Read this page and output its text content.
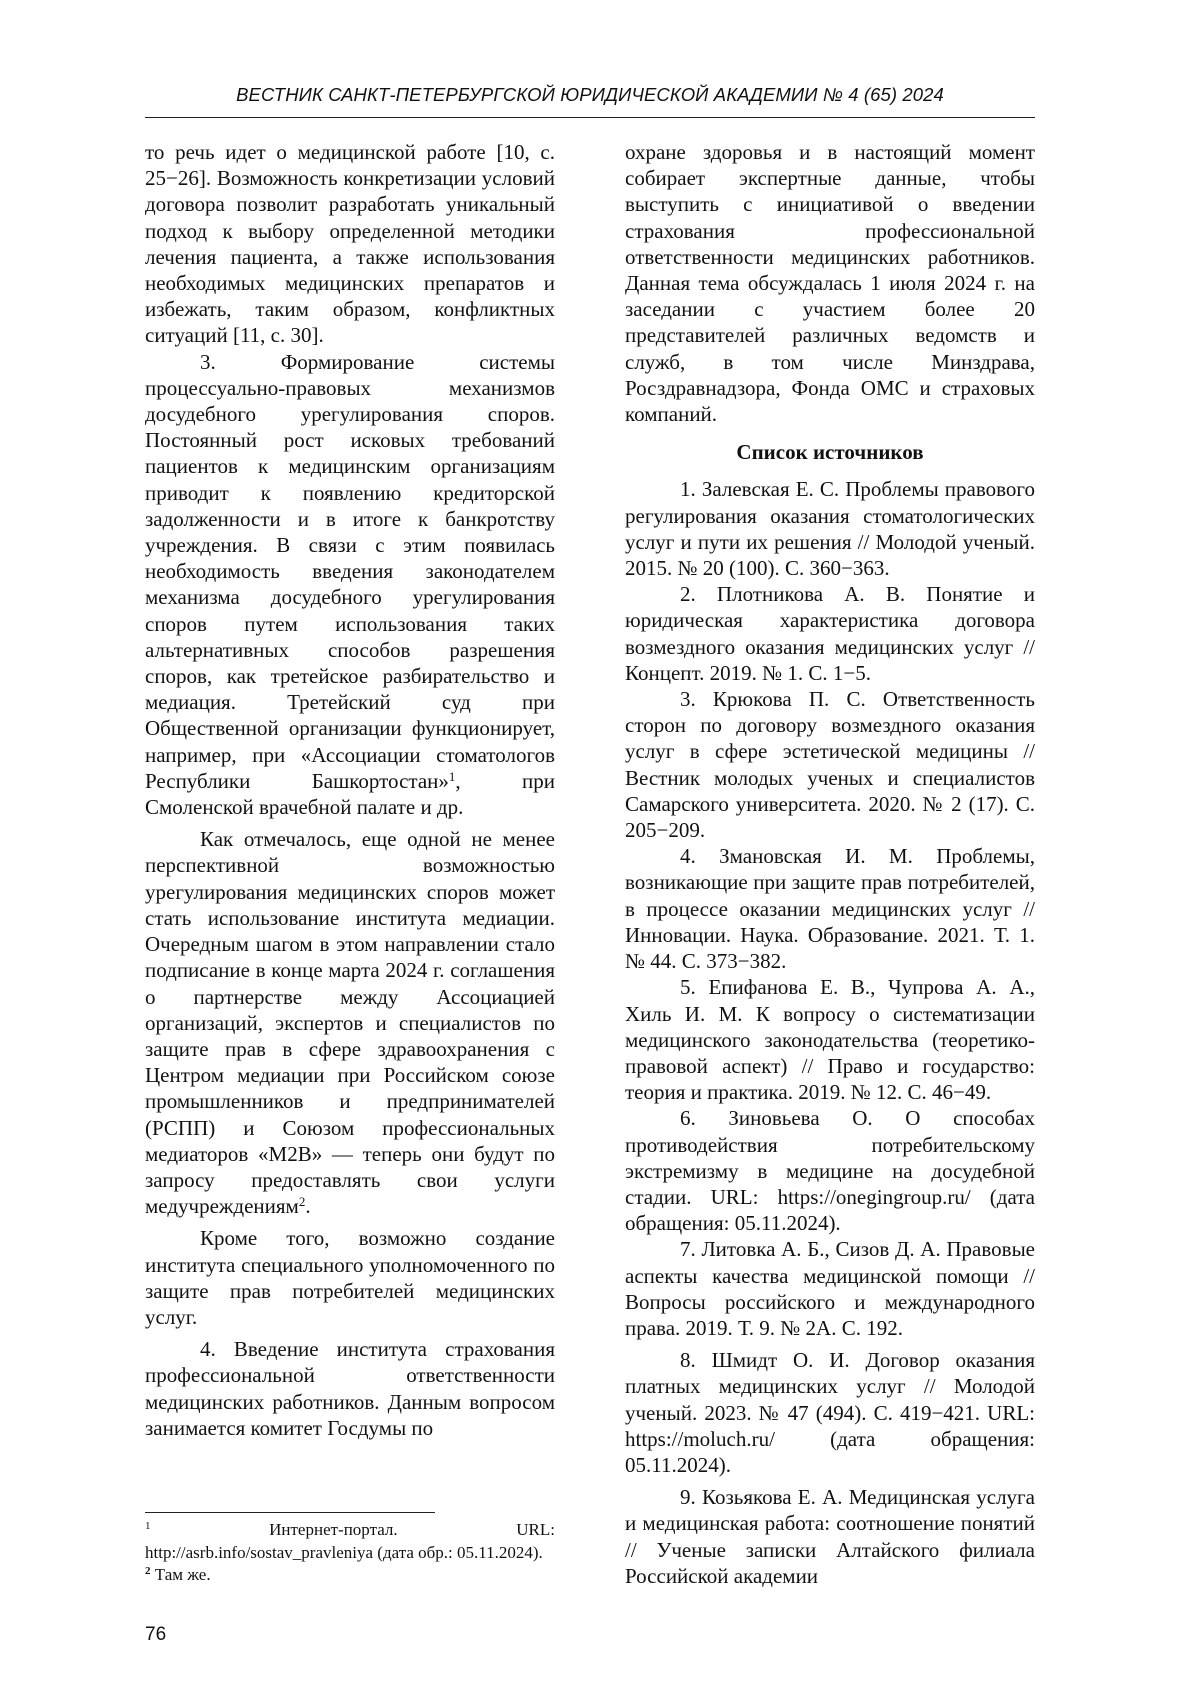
ВЕСТНИК САНКТ-ПЕТЕРБУРГСКОЙ ЮРИДИЧЕСКОЙ АКАДЕМИИ № 4 (65) 2024

то речь идет о медицинской работе [10, с. 25−26]. Возможность конкретизации условий договора позволит разработать уникальный подход к выбору определенной методики лечения пациента, а также использования необходимых медицинских препаратов и избежать, таким образом, конфликтных ситуаций [11, с. 30].

3. Формирование системы процессуально-правовых механизмов досудебного урегулирования споров. Постоянный рост исковых требований пациентов к медицинским организациям приводит к появлению кредиторской задолженности и в итоге к банкротству учреждения. В связи с этим появилась необходимость введения законодателем механизма досудебного урегулирования споров путем использования таких альтернативных способов разрешения споров, как третейское разбирательство и медиация. Третейский суд при Общественной организации функционирует, например, при «Ассоциации стоматологов Республики Башкортостан»$^1$, при Смоленской врачебной палате и др.

Как отмечалось, еще одной не менее перспективной возможностью урегулирования медицинских споров может стать использование института медиации. Очередным шагом в этом направлении стало подписание в конце марта 2024 г. соглашения о партнерстве между Ассоциацией организаций, экспертов и специалистов по защите прав в сфере здравоохранения с Центром медиации при Российском союзе промышленников и предпринимателей (РСПП) и Союзом профессиональных медиаторов «М2В» — теперь они будут по запросу предоставлять свои услуги медучреждениям$^2$.

Кроме того, возможно создание института специального уполномоченного по защите прав потребителей медицинских услуг.

4. Введение института страхования профессиональной ответственности медицинских работников. Данным вопросом занимается комитет Госдумы по

охране здоровья и в настоящий момент собирает экспертные данные, чтобы выступить с инициативой о введении страхования профессиональной ответственности медицинских работников. Данная тема обсуждалась 1 июля 2024 г. на заседании с участием более 20 представителей различных ведомств и служб, в том числе Минздрава, Росздравнадзора, Фонда ОМС и страховых компаний.

Список источников

1. Залевская Е. С. Проблемы правового регулирования оказания стоматологических услуг и пути их решения // Молодой ученый. 2015. № 20 (100). С. 360−363.

2. Плотникова А. В. Понятие и юридическая характеристика договора возмездного оказания медицинских услуг // Концепт. 2019. № 1. С. 1−5.

3. Крюкова П. С. Ответственность сторон по договору возмездного оказания услуг в сфере эстетической медицины // Вестник молодых ученых и специалистов Самарского университета. 2020. № 2 (17). С. 205−209.

4. Змановская И. М. Проблемы, возникающие при защите прав потребителей, в процессе оказании медицинских услуг // Инновации. Наука. Образование. 2021. Т. 1. № 44. С. 373−382.

5. Епифанова Е. В., Чупрова А. А., Хиль И. М. К вопросу о систематизации медицинского законодательства (теоретико-правовой аспект) // Право и государство: теория и практика. 2019. № 12. С. 46−49.

6. Зиновьева О. О способах противодействия потребительскому экстремизму в медицине на досудебной стадии. URL: https://onegingroup.ru/ (дата обращения: 05.11.2024).

7. Литовка А. Б., Сизов Д. А. Правовые аспекты качества медицинской помощи // Вопросы российского и международного права. 2019. Т. 9. № 2А. С. 192.

8. Шмидт О. И. Договор оказания платных медицинских услуг // Молодой ученый. 2023. № 47 (494). С. 419−421. URL: https://moluch.ru/ (дата обращения: 05.11.2024).

9. Козьякова Е. А. Медицинская услуга и медицинская работа: соотношение понятий // Ученые записки Алтайского филиала Российской академии

$^1$	Интернет-портал. URL: http://asrb.info/sostav_pravleniya (дата обр.: 05.11.2024).

$^2$ Там же.

76
